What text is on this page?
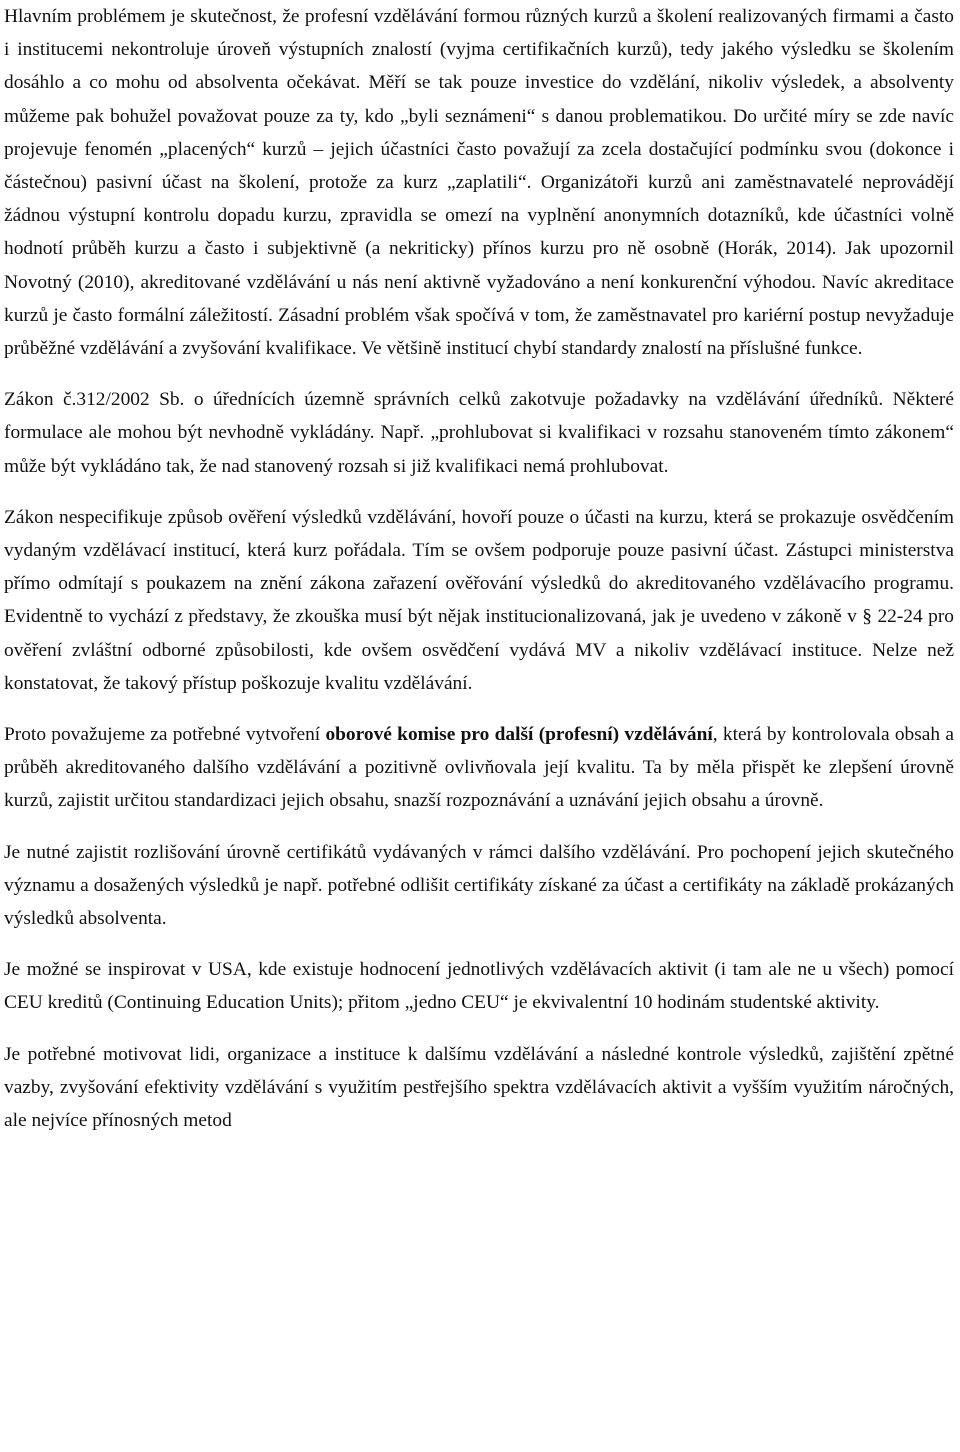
Hlavním problémem je skutečnost, že profesní vzdělávání formou různých kurzů a školení realizovaných firmami a často i institucemi nekontroluje úroveň výstupních znalostí (vyjma certifikačních kurzů), tedy jakého výsledku se školením dosáhlo a co mohu od absolventa očekávat. Měří se tak pouze investice do vzdělání, nikoliv výsledek, a absolventy můžeme pak bohužel považovat pouze za ty, kdo „byli seznámeni“ s danou problematikou. Do určité míry se zde navíc projevuje fenomén „placených“ kurzů – jejich účastníci často považují za zcela dostačující podmínku svou (dokonce i částečnou) pasivní účast na školení, protože za kurz „zaplatili“. Organizátoři kurzů ani zaměstnavatelé neprovádějí žádnou výstupní kontrolu dopadu kurzu, zpravidla se omezí na vyplnění anonymních dotazníků, kde účastníci volně hodnotí průběh kurzu a často i subjektivně (a nekriticky) přínos kurzu pro ně osobně (Horák, 2014). Jak upozornil Novotný (2010), akreditované vzdělávání u nás není aktivně vyžadováno a není konkurenční výhodou. Navíc akreditace kurzů je často formální záležitostí. Zásadní problém však spočívá v tom, že zaměstnavatel pro kariérní postup nevyžaduje průběžné vzdělávání a zvyšování kvalifikace. Ve většině institucí chybí standardy znalostí na příslušné funkce.

Zákon č.312/2002 Sb. o úřednících územně správních celků zakotvuje požadavky na vzdělávání úředníků. Některé formulace ale mohou být nevhodně vykládány. Např. „prohlubovat si kvalifikaci v rozsahu stanoveném tímto zákonem“ může být vykládáno tak, že nad stanovený rozsah si již kvalifikaci nemá prohlubovat.

Zákon nespecifikuje způsob ověření výsledků vzdělávání, hovoří pouze o účasti na kurzu, která se prokazuje osvědčením vydaným vzdělávací institucí, která kurz pořádala. Tím se ovšem podporuje pouze pasivní účast. Zástupci ministerstva přímo odmítají s poukazem na znění zákona zařazení ověřování výsledků do akreditovaného vzdělávacího programu. Evidentně to vychází z představy, že zkouška musí být nějak institucionalizovaná, jak je uvedeno v zákoně v § 22-24 pro ověření zvláštní odborné způsobilosti, kde ovšem osvědčení vydává MV a nikoliv vzdělávací instituce. Nelze než konstatovat, že takový přístup poškozuje kvalitu vzdělávání.

Proto považujeme za potřebné vytvoření oborové komise pro další (profesní) vzdělávání, která by kontrolovala obsah a průběh akreditovaného dalšího vzdělávání a pozitivně ovlivňovala její kvalitu. Ta by měla přispět ke zlepšení úrovně kurzů, zajistit určitou standardizaci jejich obsahu, snazší rozpoznávání a uznávání jejich obsahu a úrovně.

Je nutné zajistit rozlišování úrovně certifikátů vydávaných v rámci dalšího vzdělávání. Pro pochopení jejich skutečného významu a dosažených výsledků je např. potřebné odlišit certifikáty získané za účast a certifikáty na základě prokázaných výsledků absolventa.

Je možné se inspirovat v USA, kde existuje hodnocení jednotlivých vzdělávacích aktivit (i tam ale ne u všech) pomocí CEU kreditů (Continuing Education Units); přitom „jedno CEU“ je ekvivalentní 10 hodinám studentské aktivity.

Je potřebné motivovat lidi, organizace a instituce k dalšímu vzdělávání a následné kontrole výsledků, zajištění zpětné vazby, zvyšování efektivity vzdělávání s využitím pestřejšího spektra vzdělávacích aktivit a vyšším využitím náročných, ale nejvíce přínosných metod
